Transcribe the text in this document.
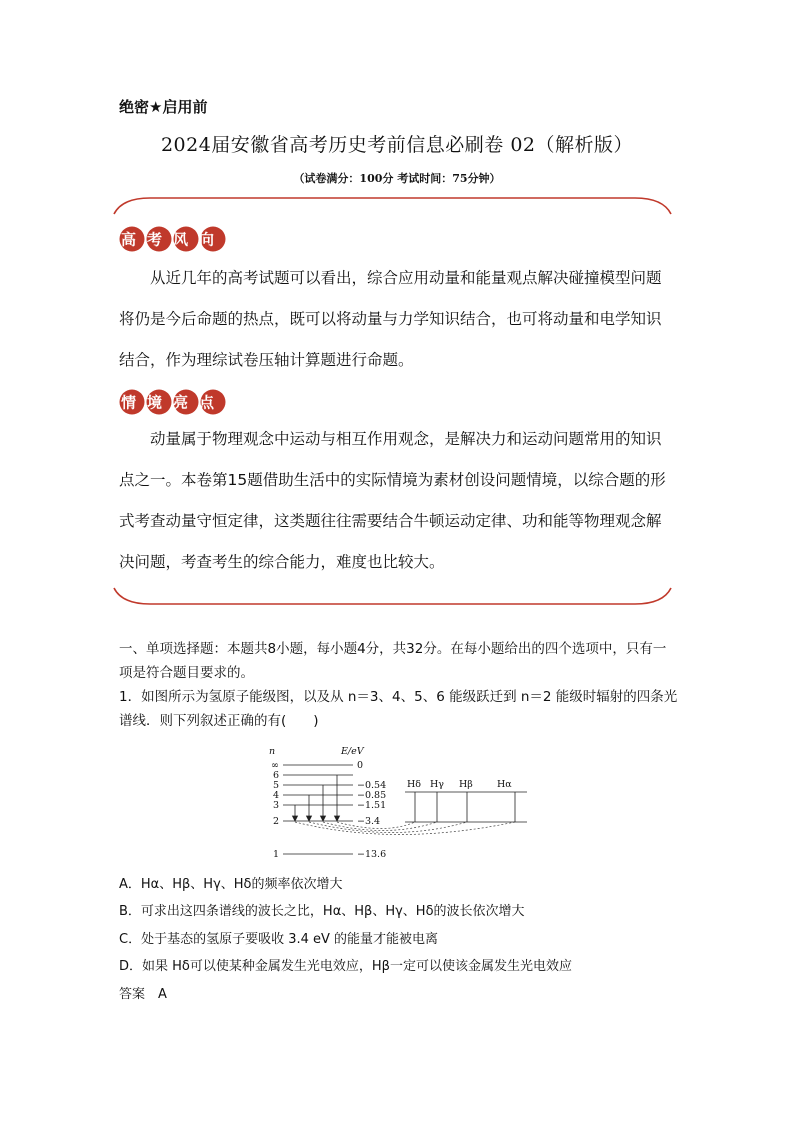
绝密★启用前
2024届安徽省高考历史考前信息必刷卷 02（解析版）
（试卷满分：100分 考试时间：75分钟）
高考风向
从近几年的高考试题可以看出，综合应用动量和能量观点解决碰撞模型问题将仍是今后命题的热点，既可以将动量与力学知识结合，也可将动量和电学知识结合，作为理综试卷压轴计算题进行命题。
情境亮点
动量属于物理观念中运动与相互作用观念，是解决力和运动问题常用的知识点之一。本卷第15题借助生活中的实际情境为素材创设问题情境，以综合题的形式考查动量守恒定律，这类题往往需要结合牛顿运动定律、功和能等物理观念解决问题，考查考生的综合能力，难度也比较大。
一、单项选择题：本题共8小题，每小题4分，共32分。在每小题给出的四个选项中，只有一项是符合题目要求的。
1．如图所示为氢原子能级图，以及从 n＝3、4、5、6 能级跃迁到 n＝2 能级时辐射的四条光谱线．则下列叙述正确的有(　　)
n	E/eV
∞
6
5
4
3
2
1
0
−0.54
−0.85
−1.51
−3.4
−13.6
Hδ Hγ Hβ	Hα
A．Hα、Hβ、Hγ、Hδ的频率依次增大
B．可求出这四条谱线的波长之比，Hα、Hβ、Hγ、Hδ的波长依次增大
C．处于基态的氢原子要吸收 3.4 eV 的能量才能被电离
D．如果 Hδ可以使某种金属发生光电效应，Hβ一定可以使该金属发生光电效应
答案　A
